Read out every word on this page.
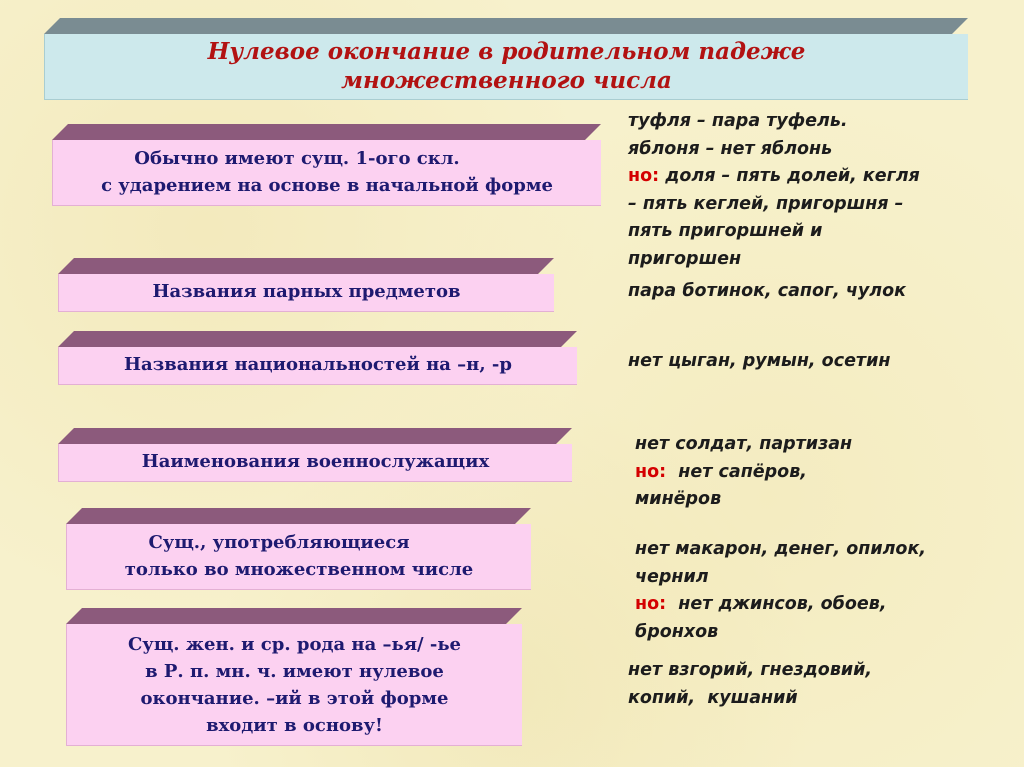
Нулевое окончание в родительном падеже
множественного числа
Обычно имеют сущ. 1-ого скл.
с ударением на основе в начальной форме
Названия парных предметов
Названия национальностей на –н, -р
Наименования военнослужащих
Сущ., употребляющиеся
только во множественном числе
Сущ. жен. и ср. рода на –ья/ -ье
в Р. п. мн. ч. имеют нулевое
окончание. –ий в этой форме
входит в основу!
туфля – пара туфель.
яблоня – нет яблонь
но: доля – пять долей, кегля
– пять кеглей, пригоршня –
пять пригоршней и
пригоршен
пара ботинок, сапог, чулок
нет цыган, румын, осетин
нет солдат, партизан
но:  нет сапёров,
минёров
нет макарон, денег, опилок,
чернил
но:  нет джинсов, обоев,
бронхов
нет взгорий, гнездовий,
копий,  кушаний
